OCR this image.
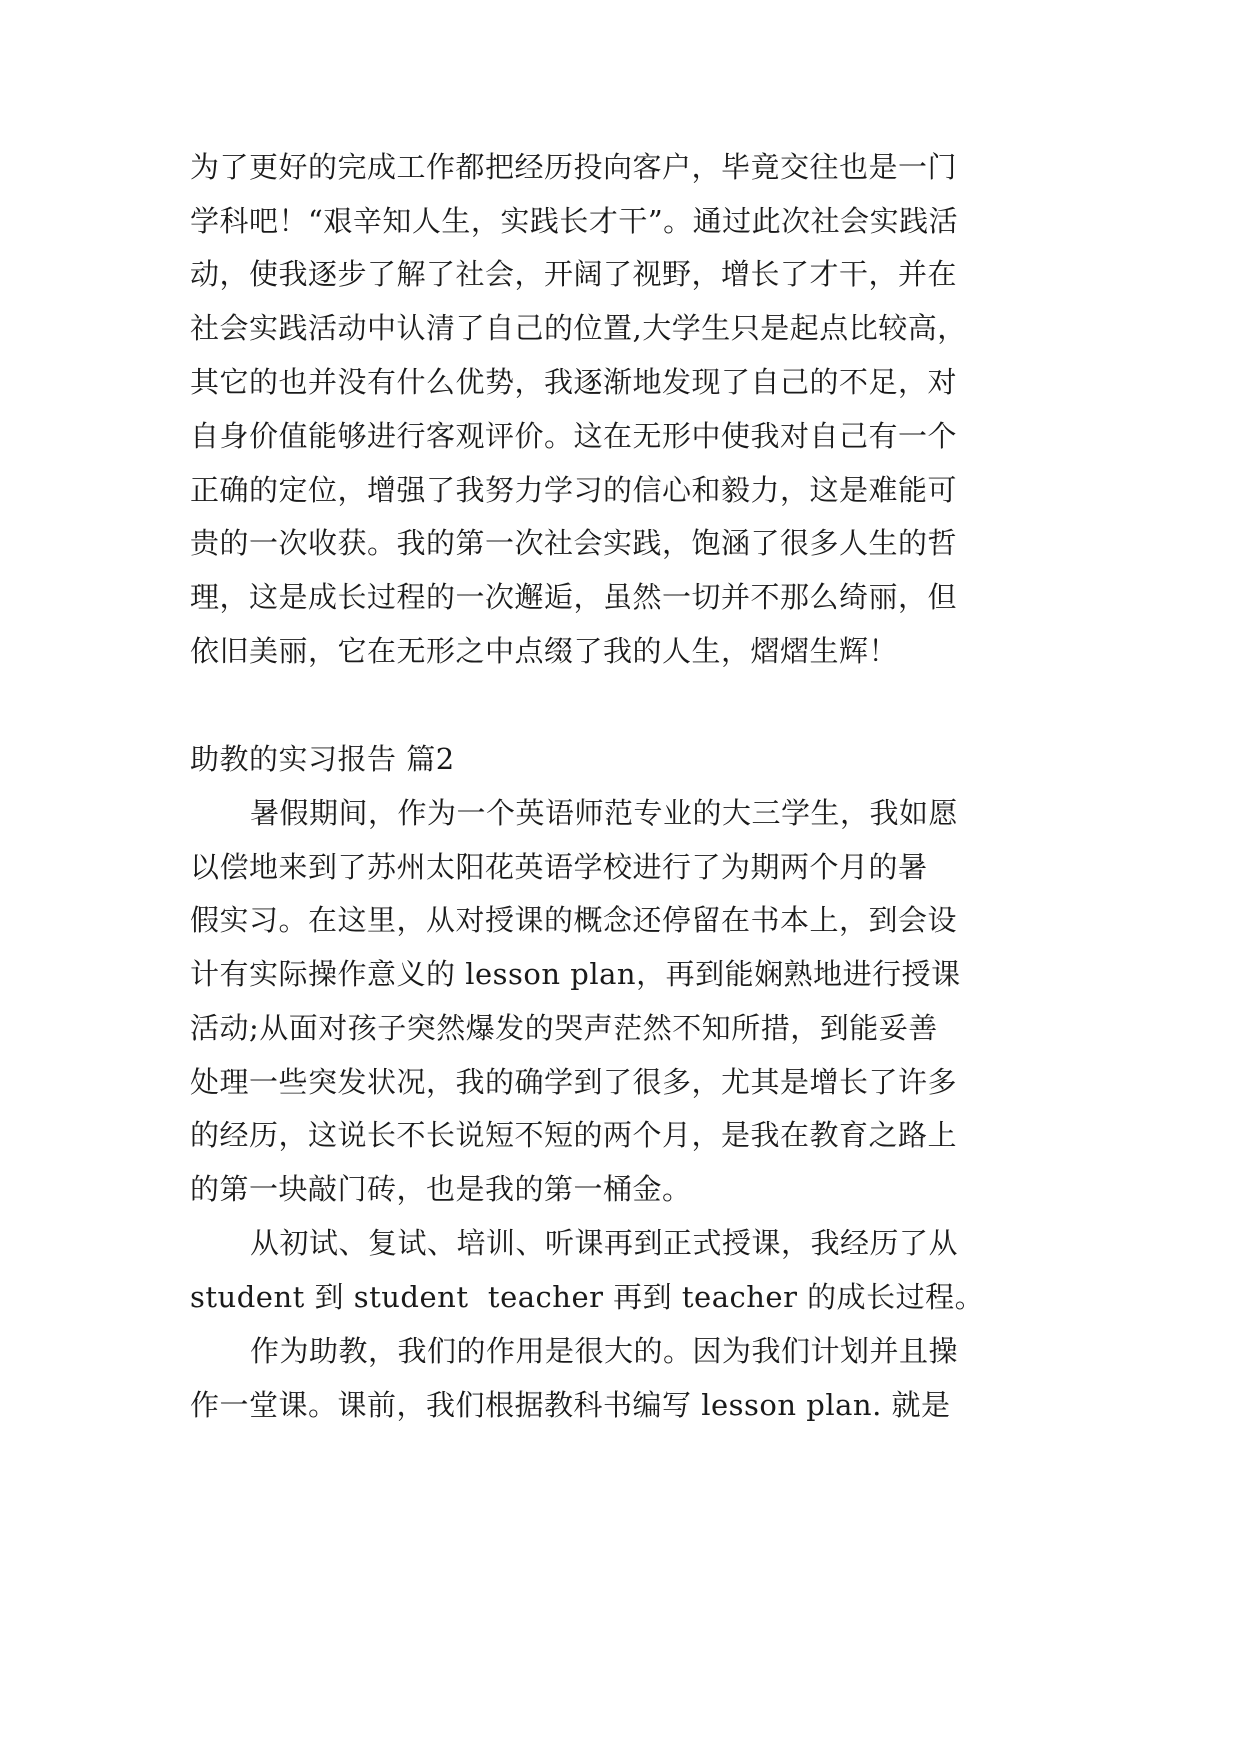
为了更好的完成工作都把经历投向客户，毕竟交往也是一门
学科吧！“艰辛知人生，实践长才干”。通过此次社会实践活
动，使我逐步了解了社会，开阔了视野，增长了才干，并在
社会实践活动中认清了自己的位置,大学生只是起点比较高，
其它的也并没有什么优势，我逐渐地发现了自己的不足，对
自身价值能够进行客观评价。这在无形中使我对自己有一个
正确的定位，增强了我努力学习的信心和毅力，这是难能可
贵的一次收获。我的第一次社会实践，饱涵了很多人生的哲
理，这是成长过程的一次邂逅，虽然一切并不那么绮丽，但
依旧美丽，它在无形之中点缀了我的人生，熠熠生辉！
助教的实习报告 篇2
暑假期间，作为一个英语师范专业的大三学生，我如愿
以偿地来到了苏州太阳花英语学校进行了为期两个月的暑
假实习。在这里，从对授课的概念还停留在书本上，到会设
计有实际操作意义的 lesson plan，再到能娴熟地进行授课
活动;从面对孩子突然爆发的哭声茫然不知所措，到能妥善
处理一些突发状况，我的确学到了很多，尤其是增长了许多
的经历，这说长不长说短不短的两个月，是我在教育之路上
的第一块敲门砖，也是我的第一桶金。
从初试、复试、培训、听课再到正式授课，我经历了从
student 到 student  teacher 再到 teacher 的成长过程。
作为助教，我们的作用是很大的。因为我们计划并且操
作一堂课。课前，我们根据教科书编写 lesson plan. 就是
